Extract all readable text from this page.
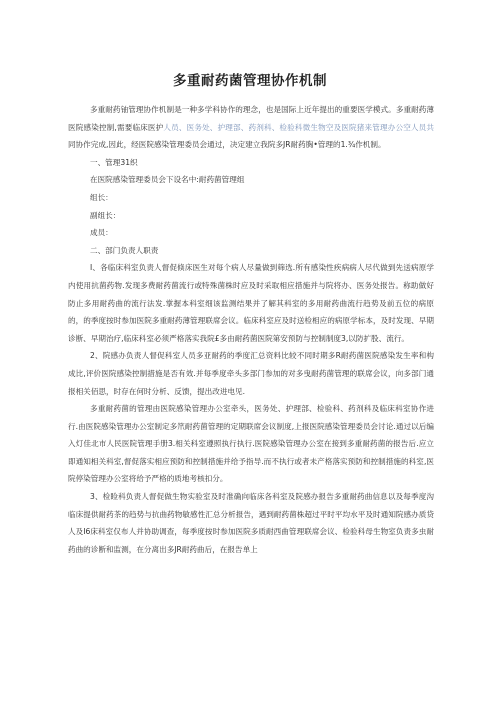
多重耐药菌管理协作机制

多重耐药铀管理协作机制是一种多学科协作的理念，也是国际上近年提出的重要医学模式。多重耐药薄医院感染控制,需要临床医护人员、医务处、护理部、药剂科、检验科微生物空及医院猪来管理办公空人员共同协作完成,因此，经医院感染管理委员会通过，决定建立我院多JR耐药胸•管理的1.¾作机制。

一、管理31织

在医院感染管理委员会下设名中:耐药菌管理组

组长：

副组长：

成员：

二、部门负责人职责

I、各临床科室负责人督促倏床医生对每个病人尽量做到筛选.所有感染性疾病病人尽代做到先送病原学内使用抗菌药物.发现多费耐药菌流行或特殊菌株时应及时采取相应措施并与院将办、医务处报告。称助做好防止多用耐药曲的流行法发.掌握本科室细该监测结果并了解其科室的多用耐药曲流行趋势及前五位的病原的，的季度按时参加医院多重耐药薄管理联席会议。临床科室应及时送检相应的病原学标本，及时发现、早期诊断、早期治疗,临床科室必须严格落实我院£多由耐药菌医院第安预防与控制制度3,以防扩股、流行。

2、院感办负责人督促科室人员多亚耐药的季度汇总资料比较不同时期多R耐药菌医院感染发生率和构成比,评价医院感染控制措施是否有效.并每季度牵头多部门参加的对多曳耐药菌管理的联席会议，向多部门通报相关佰思，时存在何时分析、反馈，提出改进电见.

多重耐药菌的管理由医院感染管理办公室牵头，医务处、护理部、检验科、药剂科及临床科室协作进行.由医院感染管理办公室制定多笊耐药菌管理的定期联席会议制度,上报医院感染管理委员会讨论.通过以后编入灯佳北市人民医院管理手册3.相关科室遵照执行执行.医院感染管理办公室在接到多重耐药菌的报告后.应立即通知相关科室,督促落实相应预防和控制措施并给予指导.而不执行或者未产格落实预防和控制措施的科室,医院停染管理办公室将给予严格的质地考核扣分。

3、检睑科负责人督促做生物实验室及时准确向临床各科室及院感办报告多重耐药曲信息以及每季度沟临床提供耐药茶的趋势与抗曲药物敏感性汇总分析报告，遇到耐药菌株超过平时平均水平及时通知院感办质贷人及I6床科室仅布人并协助调查，每季度按时参加医院多质耐西曲管理联席会议、检验科母生物室负责多虫耐药曲的诊断和监测，在分离出多JR耐药曲后，在报告单上
